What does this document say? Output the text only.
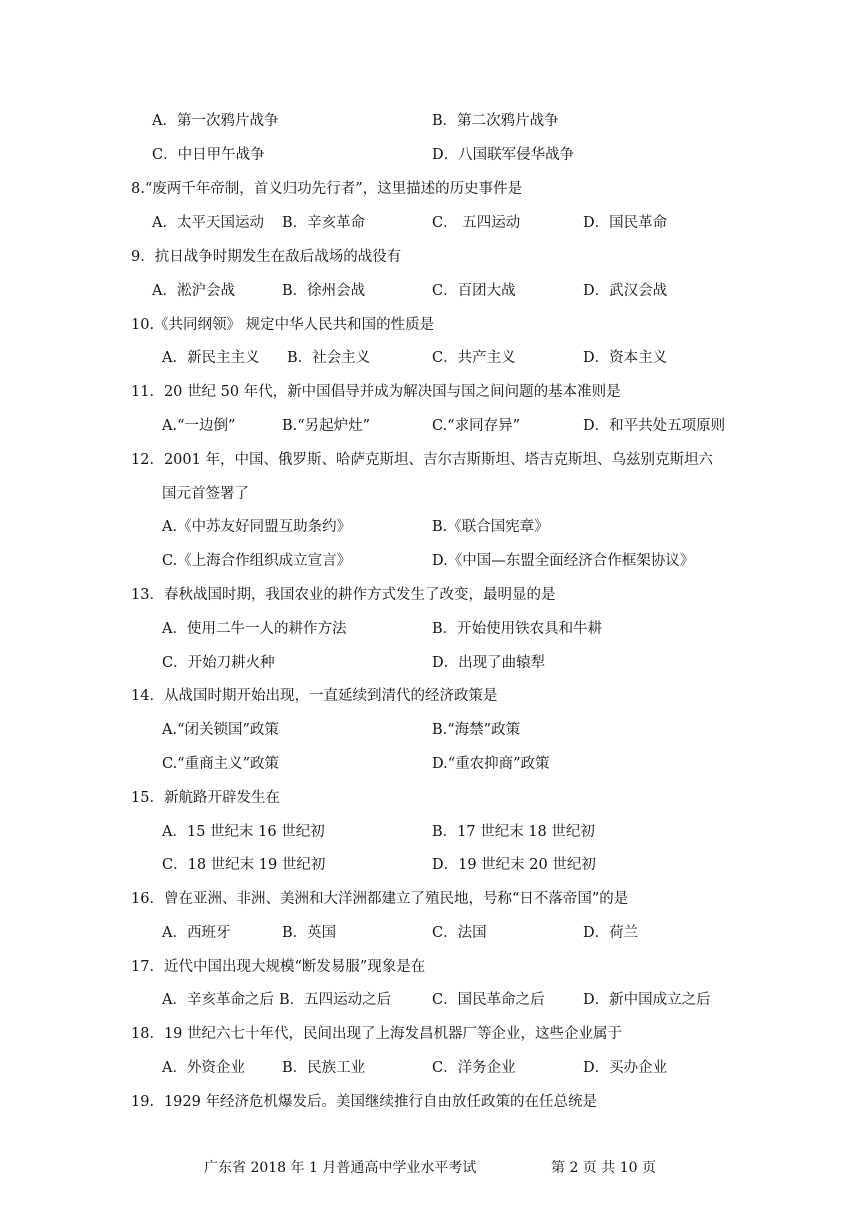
A．第一次鸦片战争	B．第二次鸦片战争
C．中日甲午战争	D．八国联军侵华战争
8.“废两千年帝制，首义归功先行者”，这里描述的历史事件是
A．太平天国运动 B．辛亥革命	C． 五四运动	D．国民革命
9．抗日战争时期发生在敌后战场的战役有
A．淞沪会战	B．徐州会战	C．百团大战	D．武汉会战
10.《共同纲领》 规定中华人民共和国的性质是
A．新民主主义 B．社会主义	C．共产主义	D．资本主义
11．20 世纪 50 年代，新中国倡导并成为解决国与国之间问题的基本准则是
A.“一边倒”	B.“另起炉灶”	C.“求同存异”	D．和平共处五项原则
12．2001 年，中国、俄罗斯、哈萨克斯坦、吉尔吉斯斯坦、塔吉克斯坦、乌兹别克斯坦六
国元首签署了
A.《中苏友好同盟互助条约》	B.《联合国宪章》
C.《上海合作组织成立宣言》	D.《中国—东盟全面经济合作框架协议》
13．春秋战国时期，我国农业的耕作方式发生了改变，最明显的是
A．使用二牛一人的耕作方法	B．开始使用铁农具和牛耕
C．开始刀耕火种	D．出现了曲辕犁
14．从战国时期开始出现，一直延续到清代的经济政策是
A.“闭关锁国”政策	B.“海禁”政策
C.“重商主义”政策	D.“重农抑商”政策
15．新航路开辟发生在
A．15 世纪末 16 世纪初	B．17 世纪末 18 世纪初
C．18 世纪末 19 世纪初	D．19 世纪末 20 世纪初
16．曾在亚洲、非洲、美洲和大洋洲都建立了殖民地，号称“日不落帝国”的是
A．西班牙	B．英国	C．法国	D．荷兰
17．近代中国出现大规模“断发易服”现象是在
A．辛亥革命之后 B．五四运动之后	C．国民革命之后	D．新中国成立之后
18．19 世纪六七十年代，民间出现了上海发昌机器厂等企业，这些企业属于
A．外资企业	B．民族工业	C．洋务企业	D．买办企业
19．1929 年经济危机爆发后。美国继续推行自由放任政策的在任总统是
广东省 2018 年 1 月普通高中学业水平考试	第 2 页 共 10 页
